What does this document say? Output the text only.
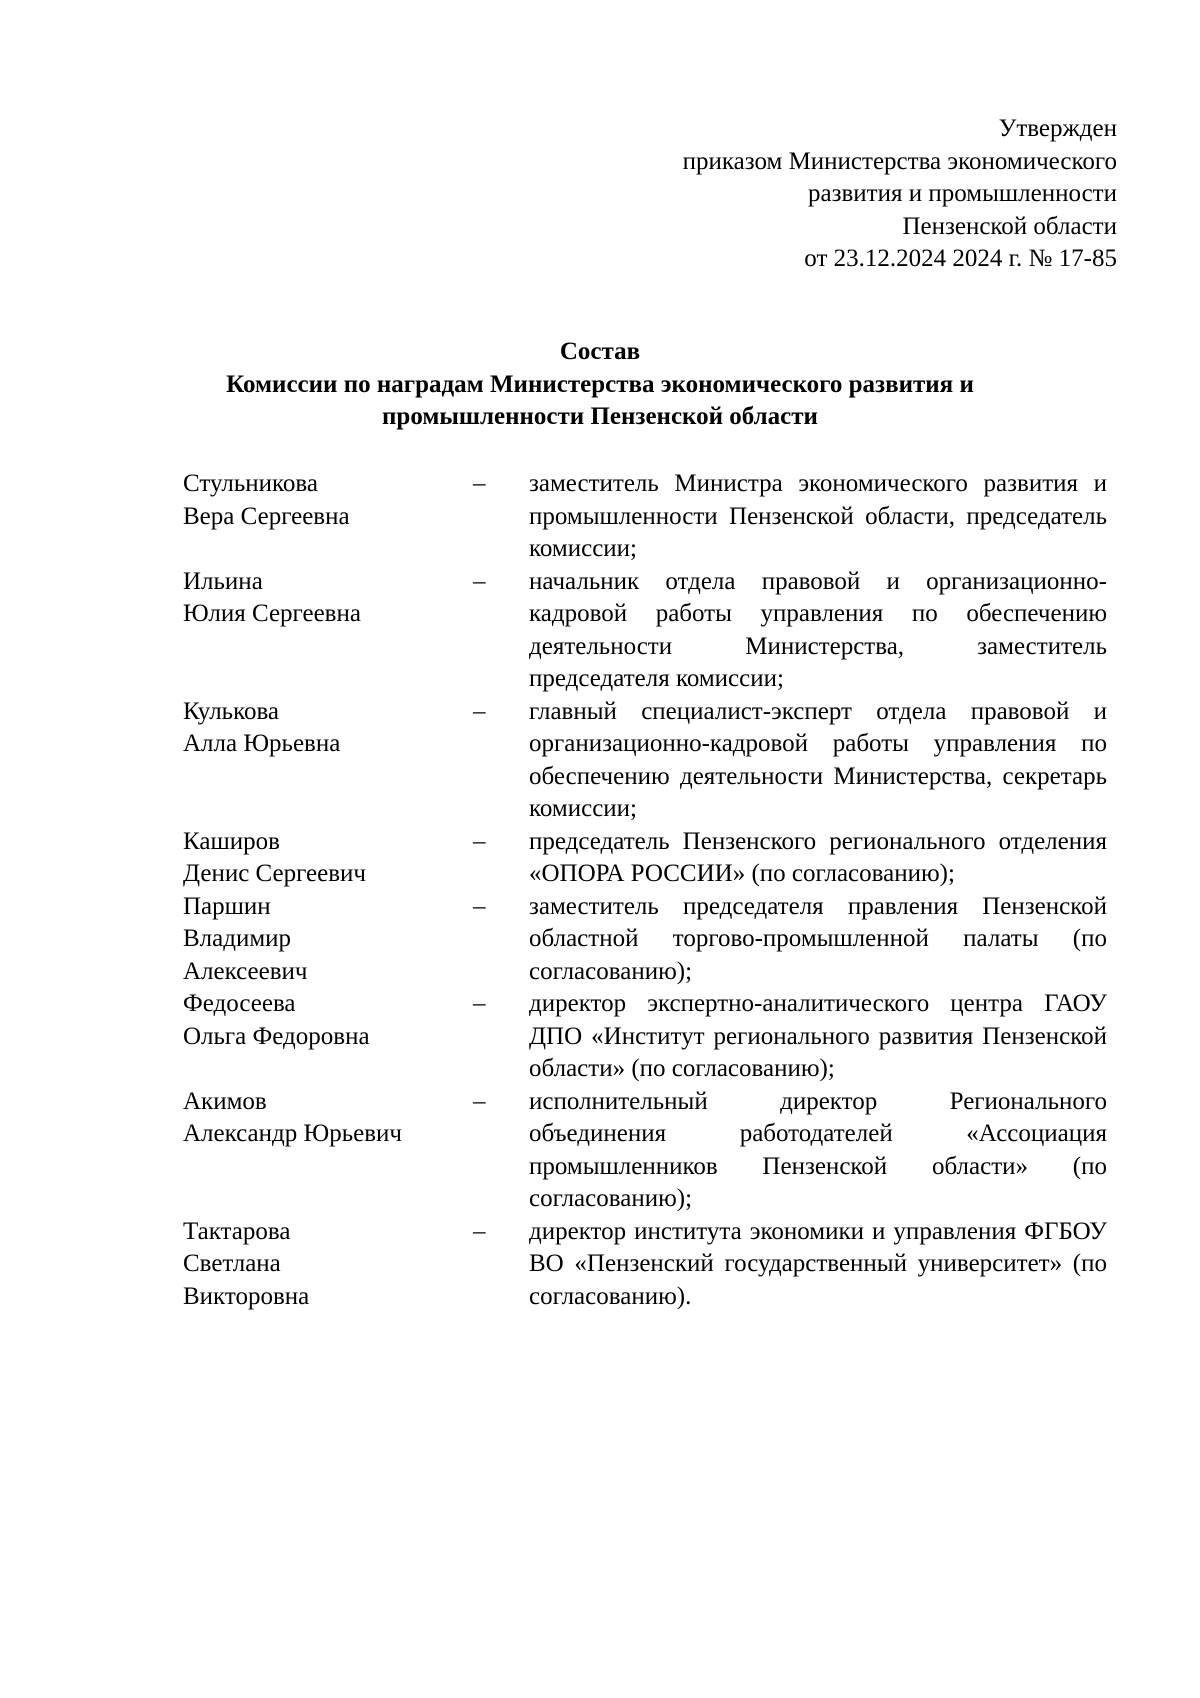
Утвержден
приказом Министерства экономического
развития и промышленности
Пензенской области
от 23.12.2024 2024 г. № 17-85
Состав
Комиссии по наградам Министерства экономического развития и
промышленности Пензенской области
Стульникова
Вера Сергеевна
–	заместитель Министра экономического развития и промышленности Пензенской области, председатель комиссии;
Ильина
Юлия Сергеевна
–	начальник отдела правовой и организационно-кадровой работы управления по обеспечению деятельности Министерства, заместитель председателя комиссии;
Кулькова
Алла Юрьевна
–	главный специалист-эксперт отдела правовой и организационно-кадровой работы управления по обеспечению деятельности Министерства, секретарь комиссии;
Каширов
Денис Сергеевич
–	председатель Пензенского регионального отделения «ОПОРА РОССИИ» (по согласованию);
Паршин
Владимир
Алексеевич
–	заместитель председателя правления Пензенской областной торгово-промышленной палаты (по согласованию);
Федосеева
Ольга Федоровна
–	директор экспертно-аналитического центра ГАОУ ДПО «Институт регионального развития Пензенской области» (по согласованию);
Акимов
Александр Юрьевич
–	исполнительный директор Регионального объединения работодателей «Ассоциация промышленников Пензенской области» (по согласованию);
Тактарова
Светлана
Викторовна
–	директор института экономики и управления ФГБОУ ВО «Пензенский государственный университет» (по согласованию).
